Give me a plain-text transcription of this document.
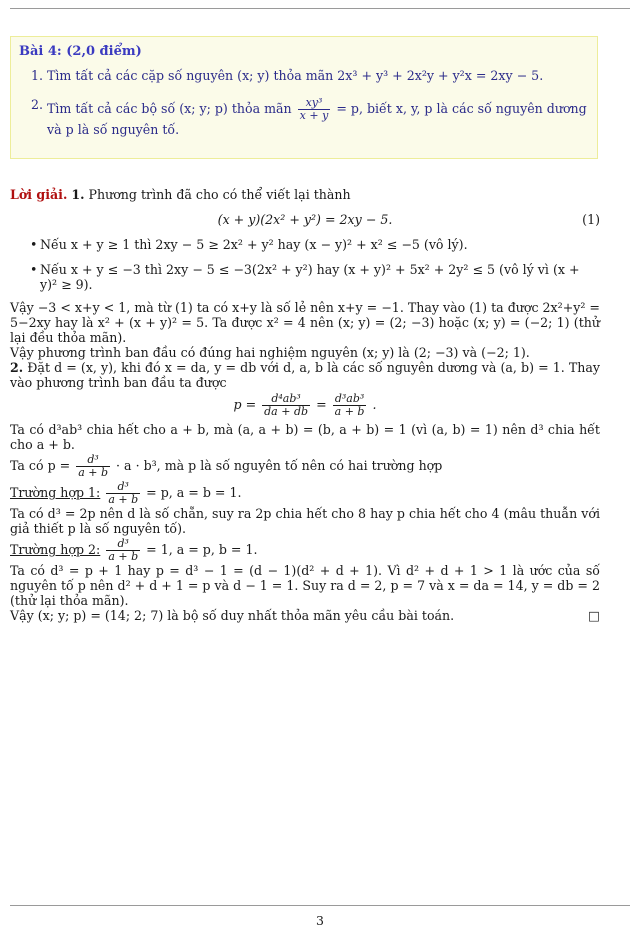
Bài 4: (2,0 điểm)
1. Tìm tất cả các cặp số nguyên (x; y) thỏa mãn 2x³ + y³ + 2x²y + y²x = 2xy − 5.
2. Tìm tất cả các bộ số (x; y; p) thỏa mãn $\frac{\text{xy³}}{x + y} = p$, biết x, y, p là các số nguyên dương và p là số nguyên tố.

Lời giải. 1. Phương trình đã cho có thể viết lại thành

(x + y)(2x² + y²) = 2xy − 5.	(1)
• Nếu x + y ≥ 1 thì 2xy − 5 ≥ 2x² + y² hay (x − y)² + x² ≤ −5 (vô lý).
• Nếu x + y ≤ −3 thì 2xy − 5 ≤ −3(2x² + y²) hay (x + y)² + 5x² + 2y² ≤ 5 (vô lý vì (x + y)² ≥ 9).

Vậy −3 < x+y < 1, mà từ (1) ta có x+y là số lẻ nên x+y = −1. Thay vào (1) ta được 2x²+y² = 5−2xy hay là x² + (x + y)² = 5. Ta được x² = 4 nên (x; y) = (2; −3) hoặc (x; y) = (−2; 1) (thử lại đều thỏa mãn).

Vậy phương trình ban đầu có đúng hai nghiệm nguyên (x; y) là (2; −3) và (−2; 1).

2. Đặt d = (x, y), khi đó x = da, y = db với d, a, b là các số nguyên dương và (a, b) = 1. Thay vào phương trình ban đầu ta được

$p = \frac{\text{d⁴ab³}}{da + db} = \frac{\text{d³ab³}}{a + b}$ .

Ta có d³ab³ chia hết cho a + b, mà (a, a + b) = (b, a + b) = 1 (vì (a, b) = 1) nên d³ chia hết cho a + b.

Ta có $p = \frac{\text{d³}}{a + b} \cdot a \cdot b^3$, mà p là số nguyên tố nên có hai trường hợp

Trường hợp 1: $\frac{\text{d³}}{a + b} = p$, a = b = 1.

Ta có d³ = 2p nên d là số chẵn, suy ra 2p chia hết cho 8 hay p chia hết cho 4 (mâu thuẫn với giả thiết p là số nguyên tố).

Trường hợp 2: $\frac{\text{d³}}{a + b} = 1$, a = p, b = 1.

Ta có d³ = p + 1 hay p = d³ − 1 = (d − 1)(d² + d + 1). Vì d² + d + 1 > 1 là ước của số nguyên tố p nên d² + d + 1 = p và d − 1 = 1. Suy ra d = 2, p = 7 và x = da = 14, y = db = 2 (thử lại thỏa mãn).

Vậy (x; y; p) = (14; 2; 7) là bộ số duy nhất thỏa mãn yêu cầu bài toán.	□

3
